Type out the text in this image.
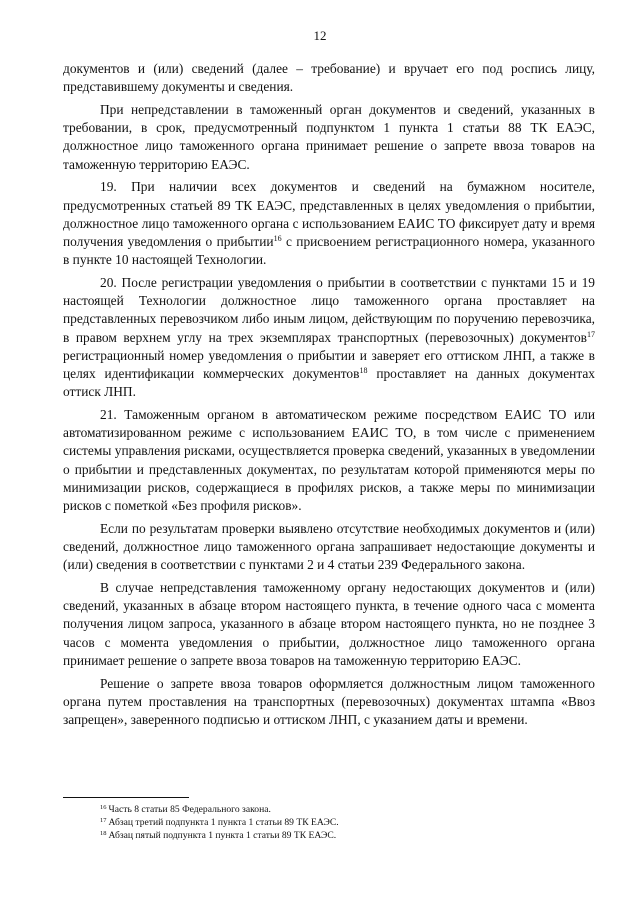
12

документов и (или) сведений (далее – требование) и вручает его под роспись лицу, представившему документы и сведения.

При непредставлении в таможенный орган документов и сведений, указанных в требовании, в срок, предусмотренный подпунктом 1 пункта 1 статьи 88 ТК ЕАЭС, должностное лицо таможенного органа принимает решение о запрете ввоза товаров на таможенную территорию ЕАЭС.

19. При наличии всех документов и сведений на бумажном носителе, предусмотренных статьей 89 ТК ЕАЭС, представленных в целях уведомления о прибытии, должностное лицо таможенного органа с использованием ЕАИС ТО фиксирует дату и время получения уведомления о прибытии$^{16}$ с присвоением регистрационного номера, указанного в пункте 10 настоящей Технологии.

20. После регистрации уведомления о прибытии в соответствии с пунктами 15 и 19 настоящей Технологии должностное лицо таможенного органа проставляет на представленных перевозчиком либо иным лицом, действующим по поручению перевозчика, в правом верхнем углу на трех экземплярах транспортных (перевозочных) документов$^{17}$ регистрационный номер уведомления о прибытии и заверяет его оттиском ЛНП, а также в целях идентификации коммерческих документов$^{18}$ проставляет на данных документах оттиск ЛНП.

21. Таможенным органом в автоматическом режиме посредством ЕАИС ТО или автоматизированном режиме с использованием ЕАИС ТО, в том числе с применением системы управления рисками, осуществляется проверка сведений, указанных в уведомлении о прибытии и представленных документах, по результатам которой применяются меры по минимизации рисков, содержащиеся в профилях рисков, а также меры по минимизации рисков с пометкой «Без профиля рисков».

Если по результатам проверки выявлено отсутствие необходимых документов и (или) сведений, должностное лицо таможенного органа запрашивает недостающие документы и (или) сведения в соответствии с пунктами 2 и 4 статьи 239 Федерального закона.

В случае непредставления таможенному органу недостающих документов и (или) сведений, указанных в абзаце втором настоящего пункта, в течение одного часа с момента получения лицом запроса, указанного в абзаце втором настоящего пункта, но не позднее 3 часов с момента уведомления о прибытии, должностное лицо таможенного органа принимает решение о запрете ввоза товаров на таможенную территорию ЕАЭС.

Решение о запрете ввоза товаров оформляется должностным лицом таможенного органа путем проставления на транспортных (перевозочных) документах штампа «Ввоз запрещен», заверенного подписью и оттиском ЛНП, с указанием даты и времени.

$^{16}$ Часть 8 статьи 85 Федерального закона.
$^{17}$ Абзац третий подпункта 1 пункта 1 статьи 89 ТК ЕАЭС.
$^{18}$ Абзац пятый подпункта 1 пункта 1 статьи 89 ТК ЕАЭС.
